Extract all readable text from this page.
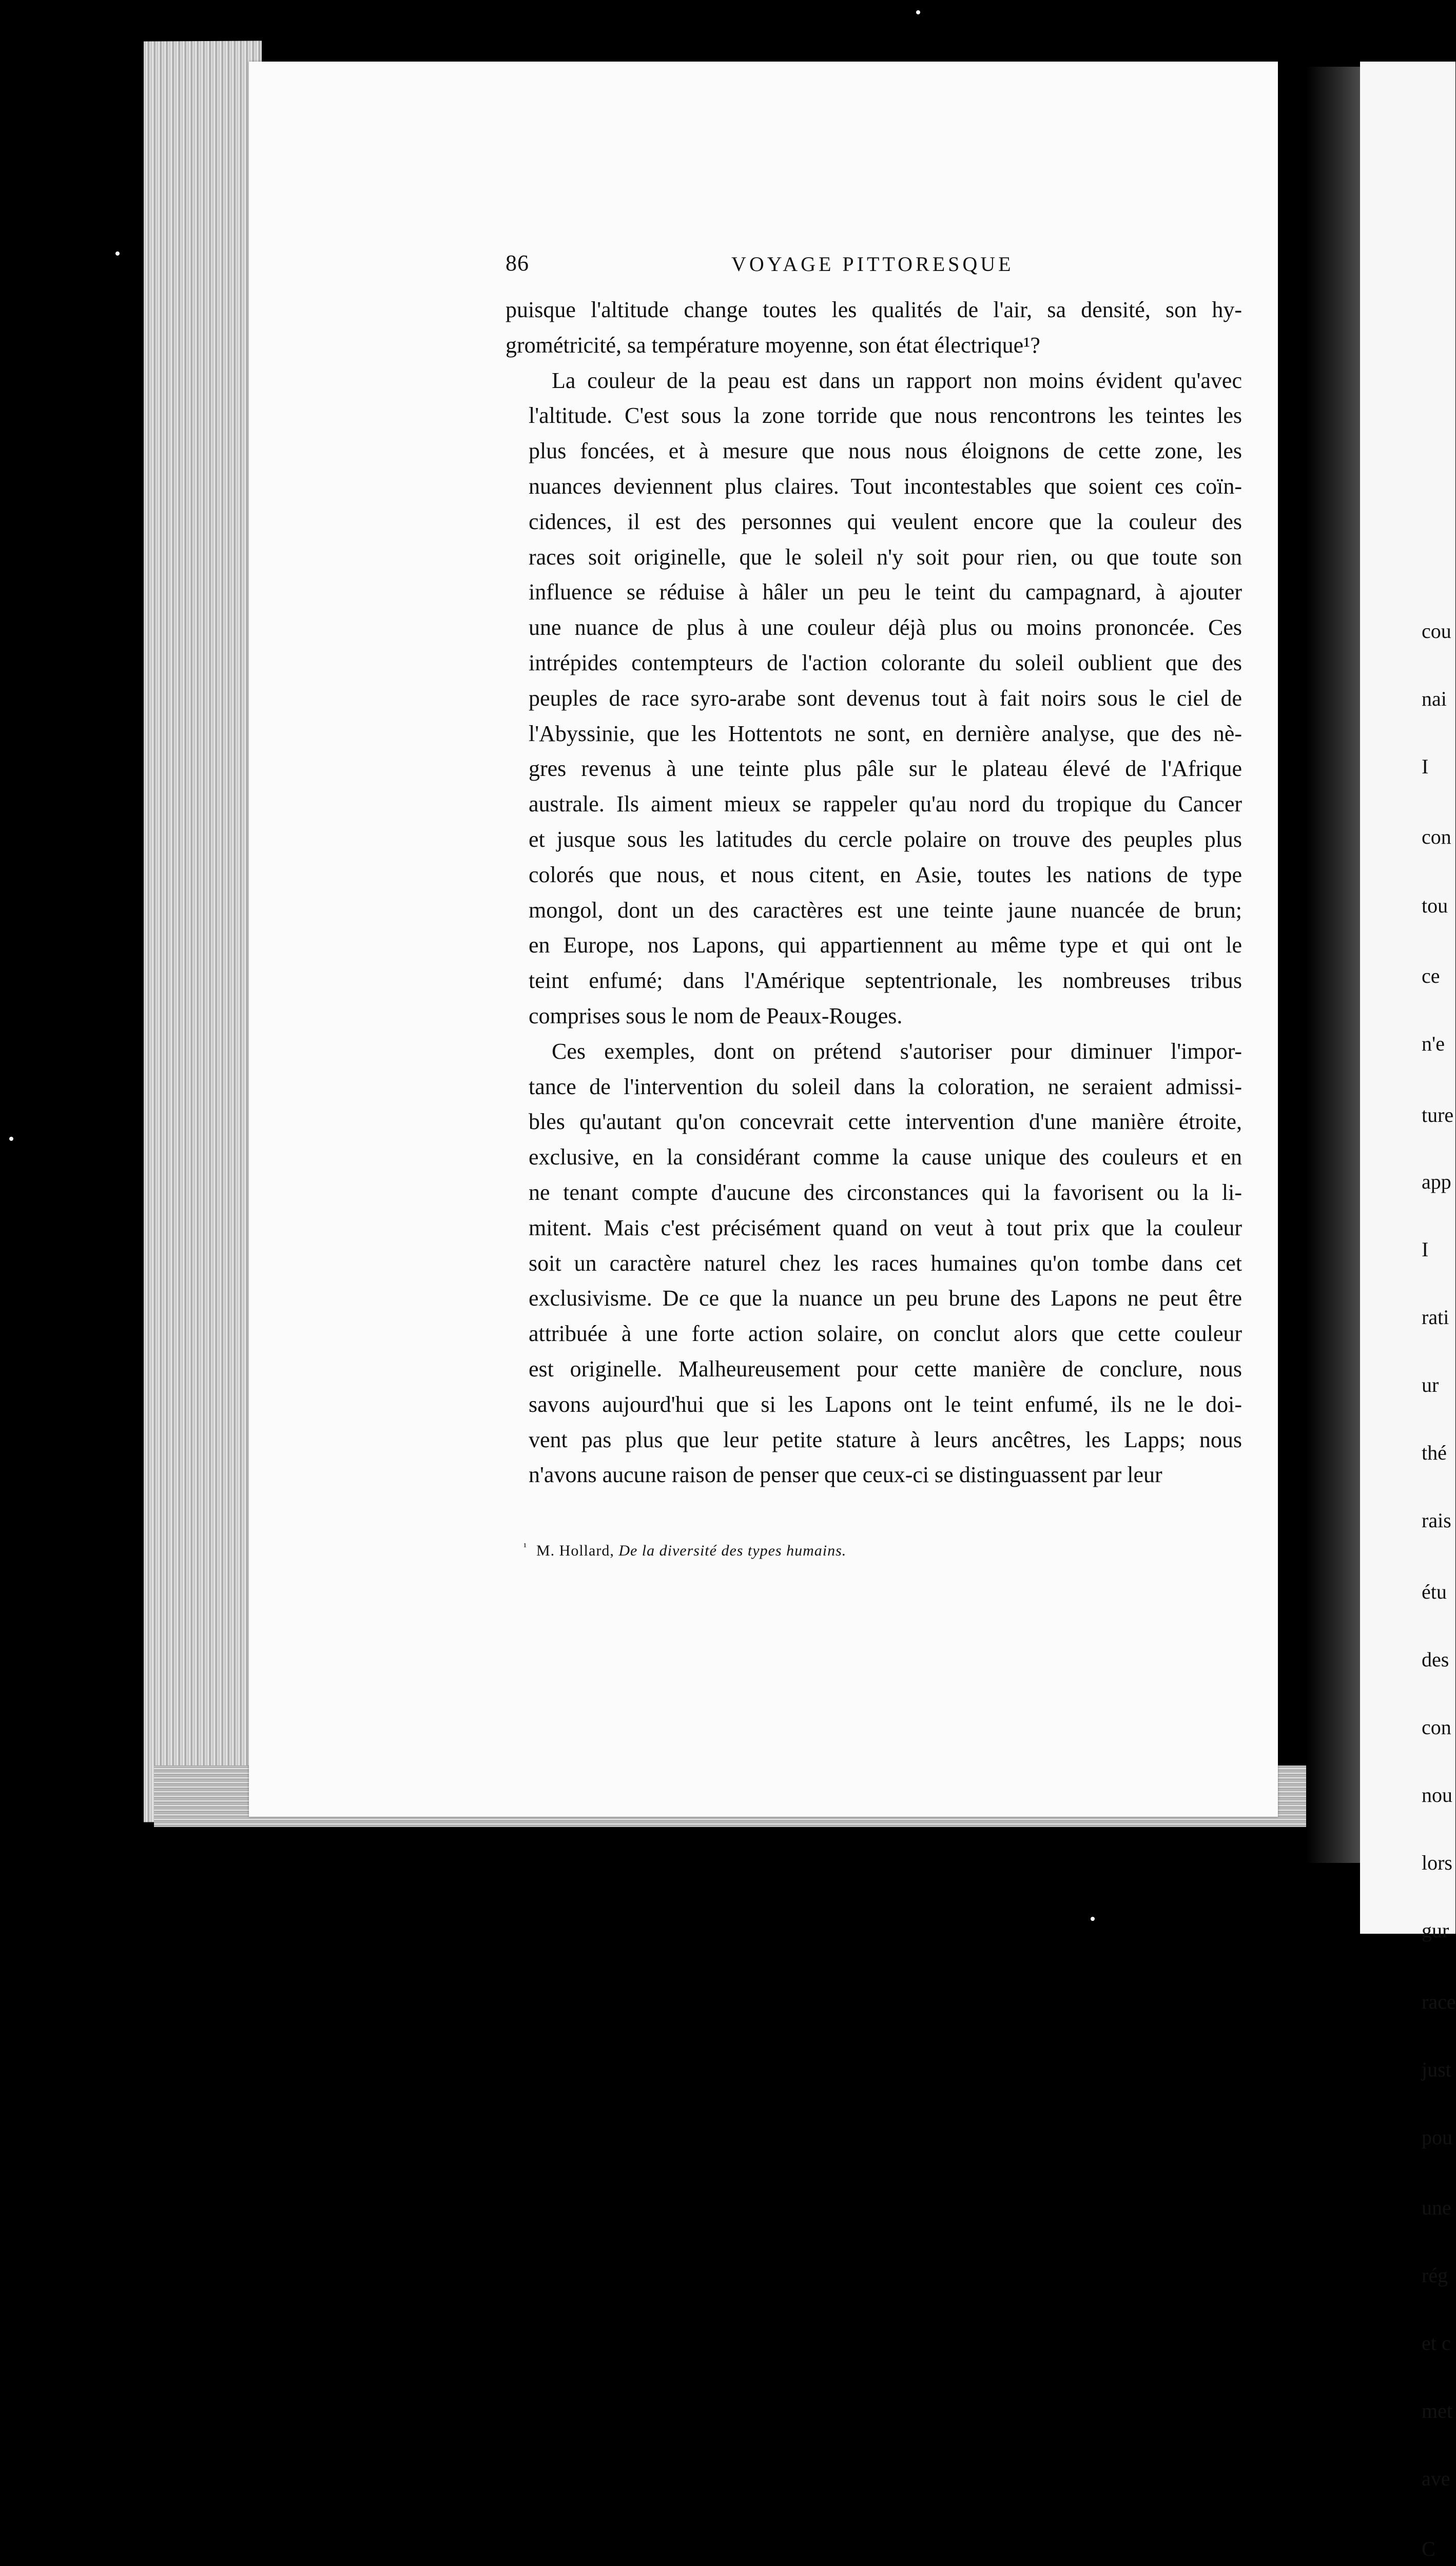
cou
nai
I
con
tou
ce
n'e
ture
app
I
rati
ur
thé
rais
étu
des
con
nou
lors
gur
race
just
pou
une
rég
et c
met
ave
C
86	VOYAGE PITTORESQUE

puisque l'altitude change toutes les qualités de l'air, sa densité, son hy-
grométricité, sa température moyenne, son état électrique¹?

La couleur de la peau est dans un rapport non moins évident qu'avec
l'altitude. C'est sous la zone torride que nous rencontrons les teintes les
plus foncées, et à mesure que nous nous éloignons de cette zone, les
nuances deviennent plus claires. Tout incontestables que soient ces coïn-
cidences, il est des personnes qui veulent encore que la couleur des
races soit originelle, que le soleil n'y soit pour rien, ou que toute son
influence se réduise à hâler un peu le teint du campagnard, à ajouter
une nuance de plus à une couleur déjà plus ou moins prononcée. Ces
intrépides contempteurs de l'action colorante du soleil oublient que des
peuples de race syro-arabe sont devenus tout à fait noirs sous le ciel de
l'Abyssinie, que les Hottentots ne sont, en dernière analyse, que des nè-
gres revenus à une teinte plus pâle sur le plateau élevé de l'Afrique
australe. Ils aiment mieux se rappeler qu'au nord du tropique du Cancer
et jusque sous les latitudes du cercle polaire on trouve des peuples plus
colorés que nous, et nous citent, en Asie, toutes les nations de type
mongol, dont un des caractères est une teinte jaune nuancée de brun;
en Europe, nos Lapons, qui appartiennent au même type et qui ont le
teint enfumé; dans l'Amérique septentrionale, les nombreuses tribus
comprises sous le nom de Peaux-Rouges.

Ces exemples, dont on prétend s'autoriser pour diminuer l'impor-
tance de l'intervention du soleil dans la coloration, ne seraient admissi-
bles qu'autant qu'on concevrait cette intervention d'une manière étroite,
exclusive, en la considérant comme la cause unique des couleurs et en
ne tenant compte d'aucune des circonstances qui la favorisent ou la li-
mitent. Mais c'est précisément quand on veut à tout prix que la couleur
soit un caractère naturel chez les races humaines qu'on tombe dans cet
exclusivisme. De ce que la nuance un peu brune des Lapons ne peut être
attribuée à une forte action solaire, on conclut alors que cette couleur
est originelle. Malheureusement pour cette manière de conclure, nous
savons aujourd'hui que si les Lapons ont le teint enfumé, ils ne le doi-
vent pas plus que leur petite stature à leurs ancêtres, les Lapps; nous
n'avons aucune raison de penser que ceux-ci se distinguassent par leur

$^{^1}$ M. Hollard, De la diversité des types humains.
